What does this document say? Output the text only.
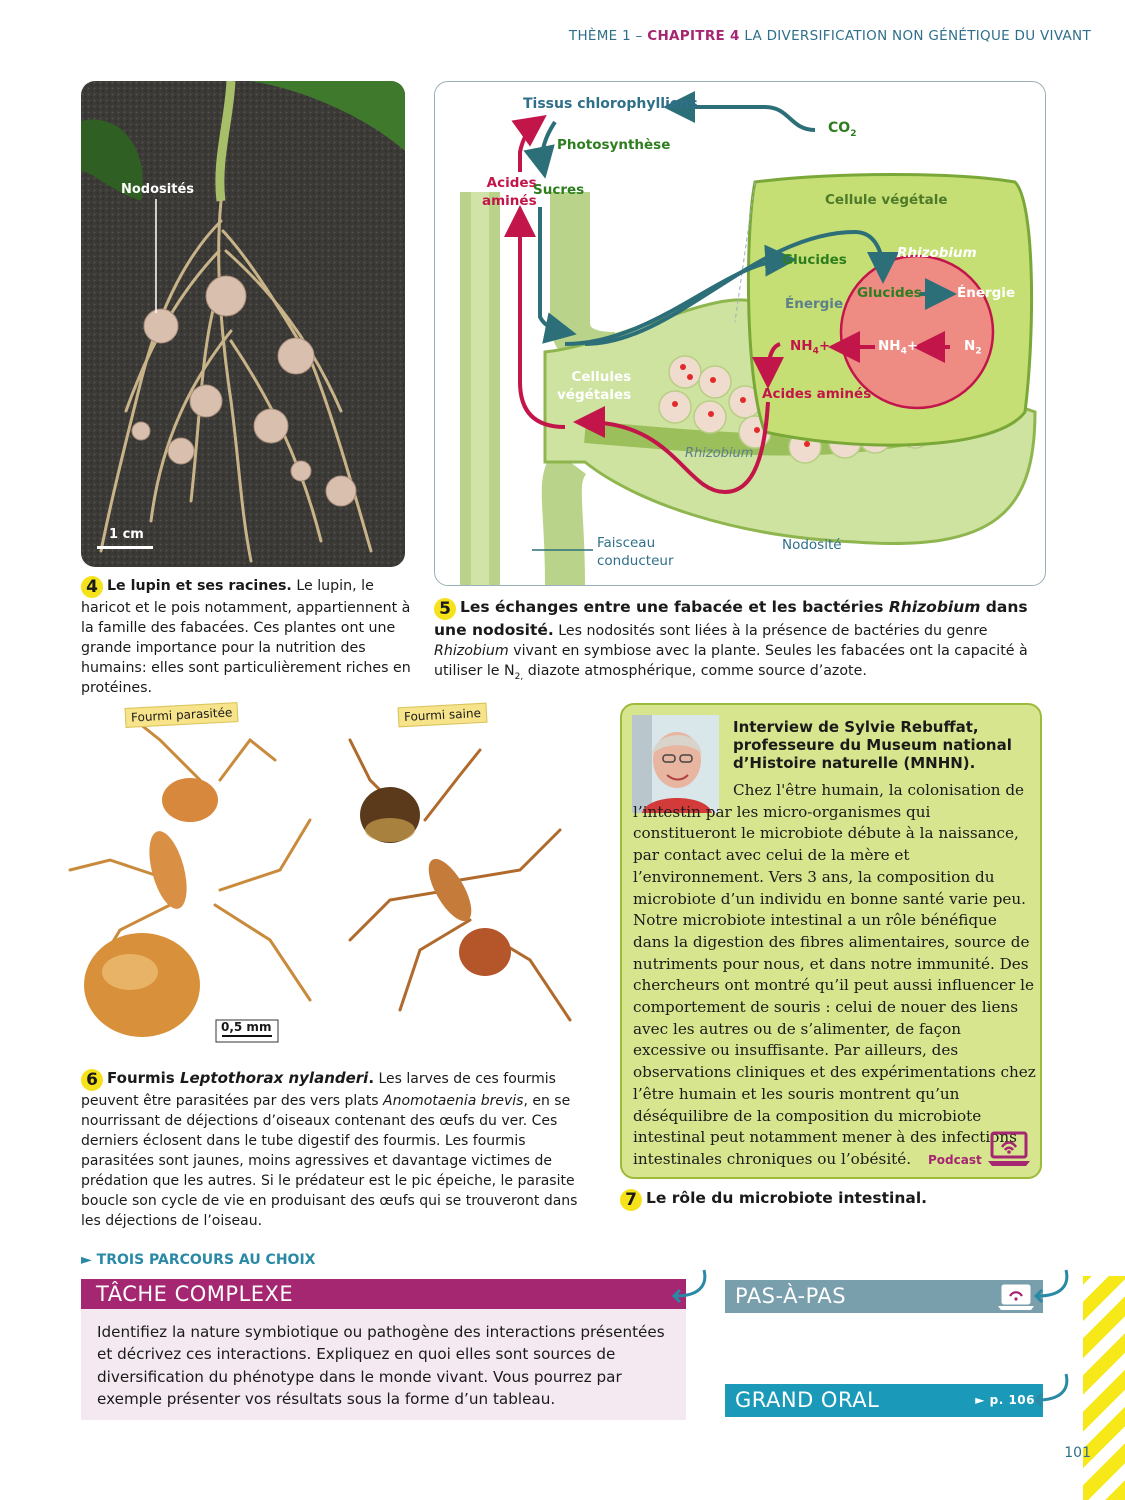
THÈME 1 – CHAPITRE 4 LA DIVERSIFICATION NON GÉNÉTIQUE DU VIVANT
Nodosités
1 cm
4 Le lupin et ses racines. Le lupin, le haricot et le pois notamment, appartiennent à la famille des fabacées. Ces plantes ont une grande importance pour la nutrition des humains: elles sont particulièrement riches en protéines.
Tissus chlorophylliens
$CO_2$
Photosynthèse
Acides
aminés
Sucres
Cellule végétale
Rhizobium
Glucides
Énergie
Glucides	Énergie
$NH_4+$	$NH_4+$	$N_2$
Acides aminés
Cellules
végétales
Rhizobium
Faisceau
conducteur
Nodosité
5 Les échanges entre une fabacée et les bactéries Rhizobium dans une nodosité. Les nodosités sont liées à la présence de bactéries du genre Rhizobium vivant en symbiose avec la plante. Seules les fabacées ont la capacité à utiliser le $N_{2,}$ diazote atmosphérique, comme source d’azote.
Fourmi parasitée	Fourmi saine
0,5 mm
6 Fourmis Leptothorax nylanderi. Les larves de ces fourmis peuvent être parasitées par des vers plats Anomotaenia brevis, en se nourrissant de déjections d’oiseaux contenant des œufs du ver. Ces derniers éclosent dans le tube digestif des fourmis. Les fourmis parasitées sont jaunes, moins agressives et davantage victimes de prédation que les autres. Si le prédateur est le pic épeiche, le parasite boucle son cycle de vie en produisant des œufs qui se trouveront dans les déjections de l’oiseau.
Interview de Sylvie Rebuffat, professeure du Museum national d’Histoire naturelle (MNHN).
Chez l'être humain, la colonisation de l’intestin par les micro-organismes qui constitueront le microbiote débute à la naissance, par contact avec celui de la mère et l’environnement. Vers 3 ans, la composition du microbiote d’un individu en bonne santé varie peu. Notre microbiote intestinal a un rôle bénéfique dans la digestion des fibres alimentaires, source de nutriments pour nous, et dans notre immunité. Des chercheurs ont montré qu’il peut aussi influencer le comportement de souris : celui de nouer des liens avec les autres ou de s’alimenter, de façon excessive ou insuffisante. Par ailleurs, des observations cliniques et des expérimentations chez l’être humain et les souris montrent qu’un déséquilibre de la composition du microbiote intestinal peut notamment mener à des infections intestinales chroniques ou l’obésité.	Podcast
7 Le rôle du microbiote intestinal.
► TROIS PARCOURS AU CHOIX
TÂCHE COMPLEXE
Identifiez la nature symbiotique ou pathogène des interactions présentées et décrivez ces interactions. Expliquez en quoi elles sont sources de diversification du phénotype dans le monde vivant. Vous pourrez par exemple présenter vos résultats sous la forme d’un tableau.
PAS-À-PAS
GRAND ORAL	► p. 106
101
